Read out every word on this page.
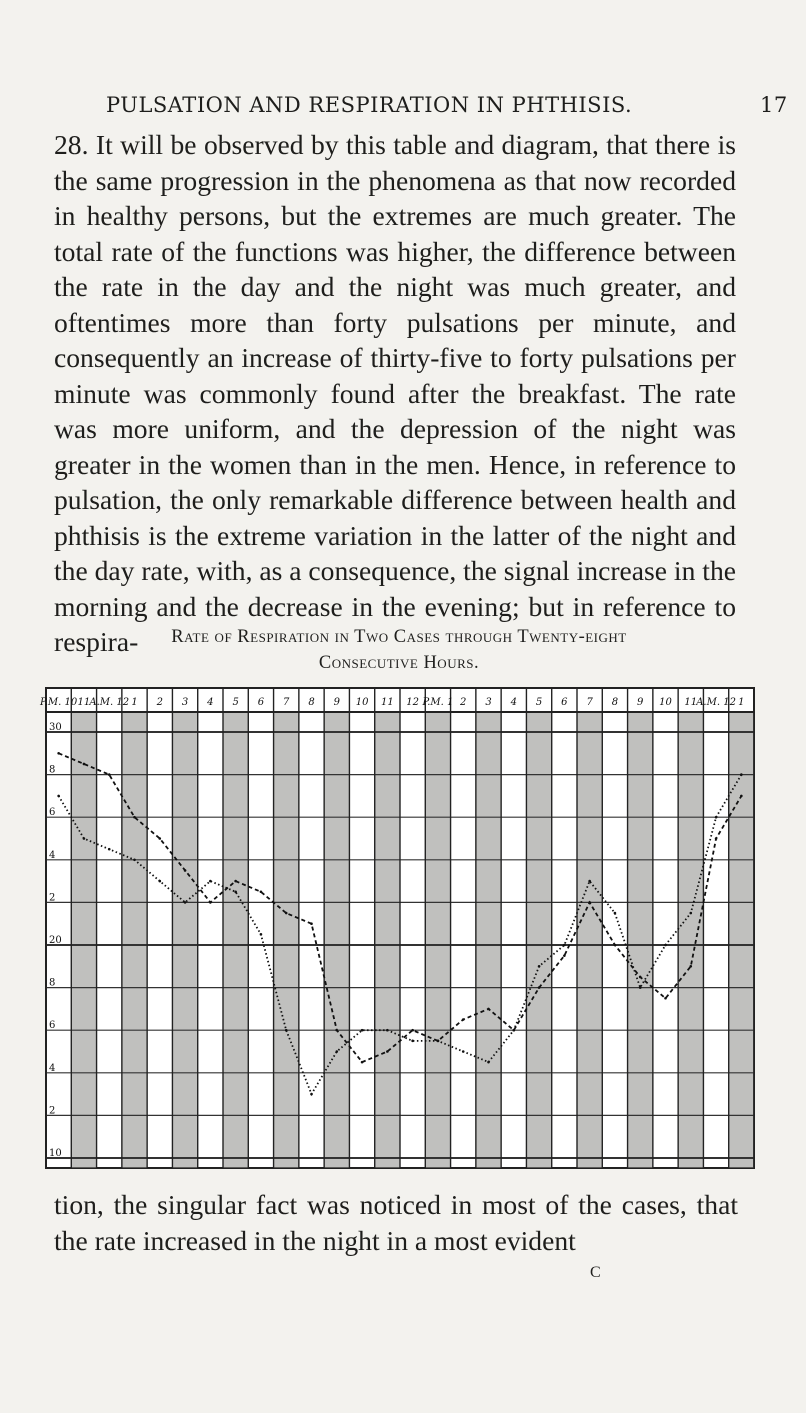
PULSATION AND RESPIRATION IN PHTHISIS.	17
28. It will be observed by this table and diagram, that there is the same progression in the phenomena as that now recorded in healthy persons, but the extremes are much greater. The total rate of the functions was higher, the difference between the rate in the day and the night was much greater, and oftentimes more than forty pulsations per minute, and consequently an increase of thirty-five to forty pulsations per minute was commonly found after the breakfast. The rate was more uniform, and the depression of the night was greater in the women than in the men. Hence, in reference to pulsation, the only remarkable difference between health and phthisis is the extreme variation in the latter of the night and the day rate, with, as a consequence, the signal increase in the morning and the decrease in the evening; but in reference to respira-	Rate of Respiration in Two Cases through Twenty-eight
Consecutive Hours.
P.M. 10 11 A.M. 12 1 2 3 4 5 6 7 8 9 10 11 12 P.M. 1 2 3 4 5 6 7 8 9 10 11 A.M. 12 1
30
8
6
4
2
20
8
6
4
2
10
tion, the singular fact was noticed in most of the cases, that the rate increased in the night in a most evident
C
